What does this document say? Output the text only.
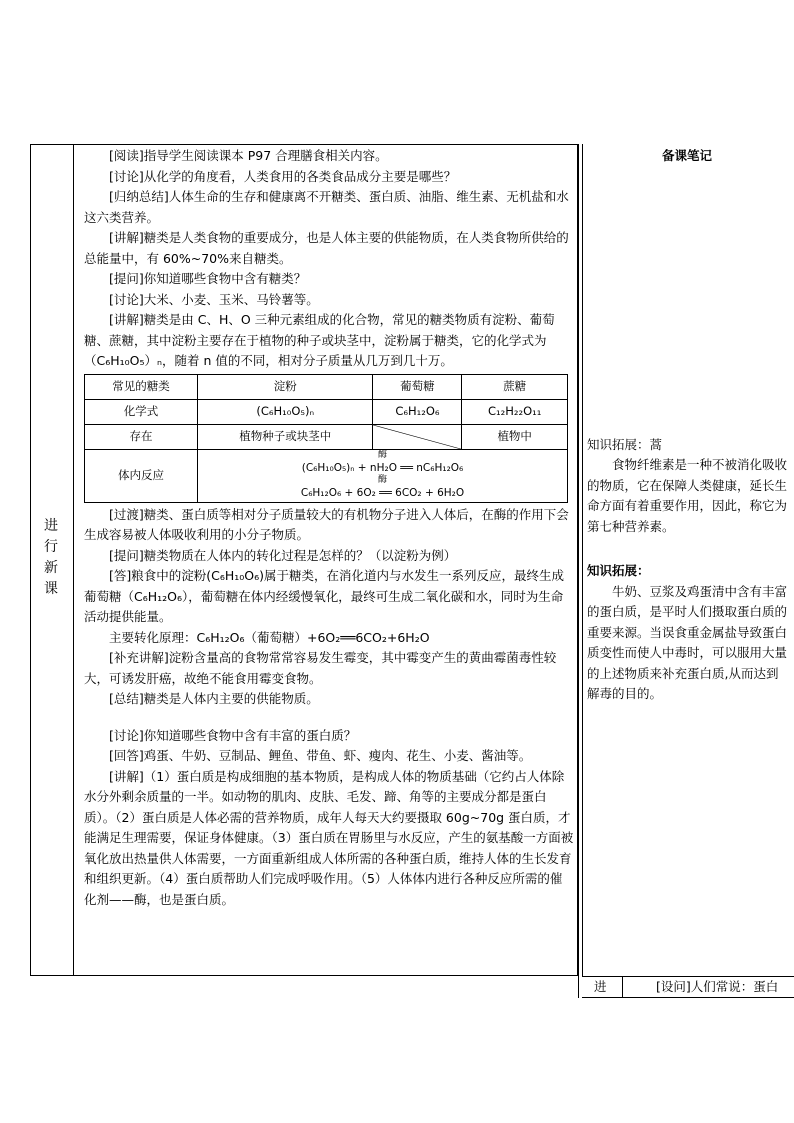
进
行
新
课

[阅读]指导学生阅读课本 P97 合理膳食相关内容。

[讨论]从化学的角度看，人类食用的各类食品成分主要是哪些？

[归纳总结]人体生命的生存和健康离不开糖类、蛋白质、油脂、维生素、无机盐和水这六类营养。

[讲解]糖类是人类食物的重要成分，也是人体主要的供能物质，在人类食物所供给的总能量中，有 60%~70%来自糖类。

[提问]你知道哪些食物中含有糖类？

[讨论]大米、小麦、玉米、马铃薯等。

[讲解]糖类是由 C、H、O 三种元素组成的化合物，常见的糖类物质有淀粉、葡萄糖、蔗糖，其中淀粉主要存在于植物的种子或块茎中，淀粉属于糖类，它的化学式为（C₆H₁₀O₅）ₙ，随着 n 值的不同，相对分子质量从几万到几十万。

常见的糖类	淀粉	葡萄糖	蔗糖
化学式	(C₆H₁₀O₅)ₙ	C₆H₁₂O₆	C₁₂H₂₂O₁₁
存在	植物种子或块茎中		植物中
体内反应	酶
(C₆H₁₀O₅)ₙ + nH₂O ══ nC₆H₁₂O₆
酶
C₆H₁₂O₆ + 6O₂ ══ 6CO₂ + 6H₂O		

[过渡]糖类、蛋白质等相对分子质量较大的有机物分子进入人体后，在酶的作用下会生成容易被人体吸收利用的小分子物质。

[提问]糖类物质在人体内的转化过程是怎样的？（以淀粉为例）

[答]粮食中的淀粉(C₆H₁₀O₆)属于糖类，在消化道内与水发生一系列反应，最终生成葡萄糖（C₆H₁₂O₆），葡萄糖在体内经缓慢氧化，最终可生成二氧化碳和水，同时为生命活动提供能量。

主要转化原理：C₆H₁₂O₆（葡萄糖）+6O₂══6CO₂+6H₂O

[补充讲解]淀粉含量高的食物常常容易发生霉变，其中霉变产生的黄曲霉菌毒性较大，可诱发肝癌，故绝不能食用霉变食物。

[总结]糖类是人体内主要的供能物质。

[讨论]你知道哪些食物中含有丰富的蛋白质？

[回答]鸡蛋、牛奶、豆制品、鲤鱼、带鱼、虾、瘦肉、花生、小麦、酱油等。

[讲解]（1）蛋白质是构成细胞的基本物质，是构成人体的物质基础（它约占人体除水分外剩余质量的一半。如动物的肌肉、皮肤、毛发、蹄、角等的主要成分都是蛋白质）。（2）蛋白质是人体必需的营养物质，成年人每天大约要摄取 60g~70g 蛋白质，才能满足生理需要，保证身体健康。（3）蛋白质在胃肠里与水反应，产生的氨基酸一方面被氧化放出热量供人体需要，一方面重新组成人体所需的各种蛋白质，维持人体的生长发育和组织更新。（4）蛋白质帮助人们完成呼吸作用。（5）人体体内进行各种反应所需的催化剂——酶，也是蛋白质。

备课笔记

知识拓展：蒿

食物纤维素是一种不被消化吸收的物质，它在保障人类健康，延长生命方面有着重要作用，因此，称它为第七种营养素。

知识拓展：

牛奶、豆浆及鸡蛋清中含有丰富的蛋白质，是平时人们摄取蛋白质的重要来源。当误食重金属盐导致蛋白质变性而使人中毒时，可以服用大量的上述物质来补充蛋白质,从而达到解毒的目的。

进	[设问]人们常说：蛋白
